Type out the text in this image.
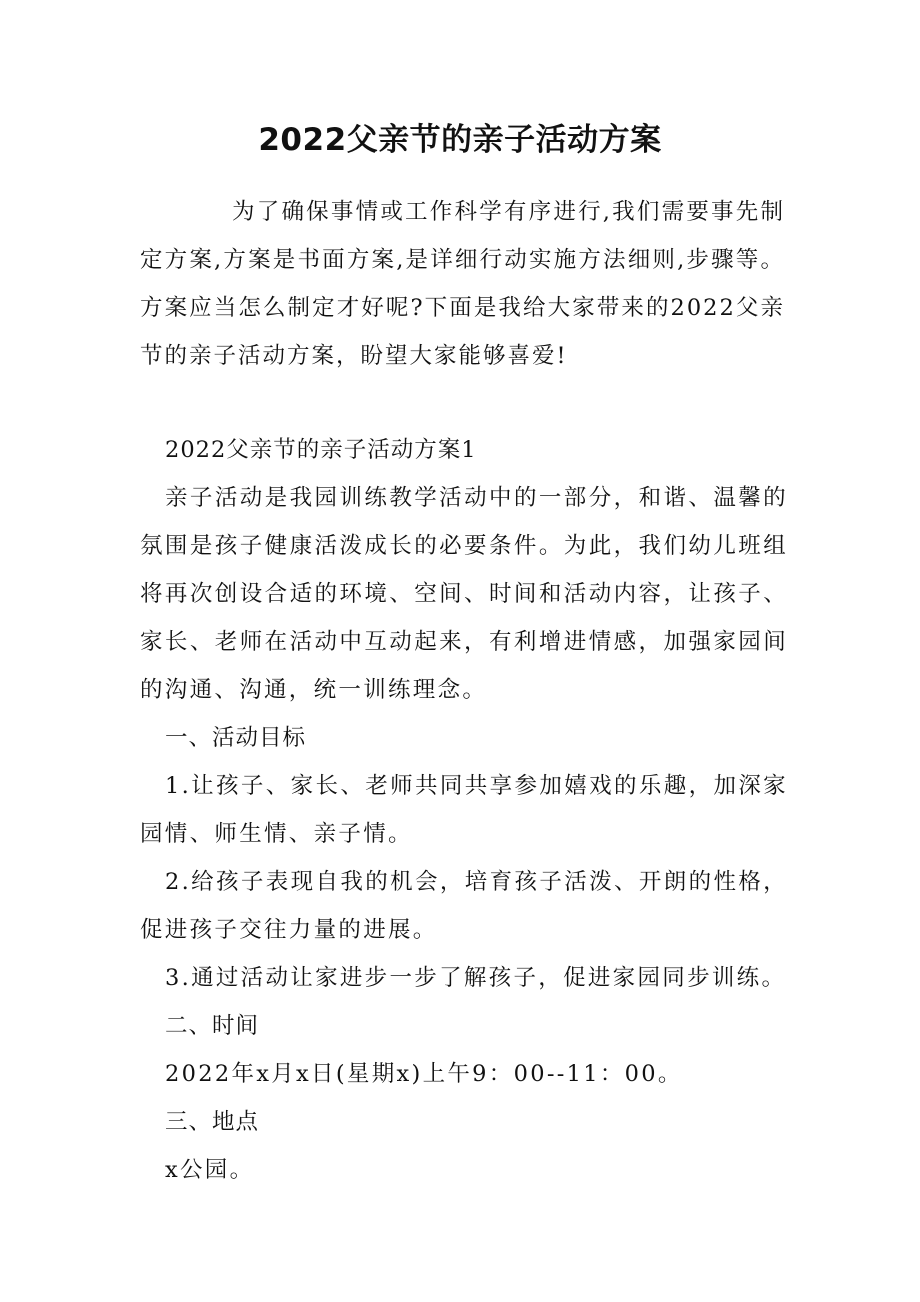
2022父亲节的亲子活动方案

为了确保事情或工作科学有序进行,我们需要事先制定方案,方案是书面方案,是详细行动实施方法细则,步骤等。方案应当怎么制定才好呢?下面是我给大家带来的2022父亲节的亲子活动方案，盼望大家能够喜爱!

2022父亲节的亲子活动方案1

亲子活动是我园训练教学活动中的一部分，和谐、温馨的氛围是孩子健康活泼成长的必要条件。为此，我们幼儿班组将再次创设合适的环境、空间、时间和活动内容，让孩子、家长、老师在活动中互动起来，有利增进情感，加强家园间的沟通、沟通，统一训练理念。

一、活动目标

1.让孩子、家长、老师共同共享参加嬉戏的乐趣，加深家园情、师生情、亲子情。

2.给孩子表现自我的机会，培育孩子活泼、开朗的性格，促进孩子交往力量的进展。

3.通过活动让家进步一步了解孩子，促进家园同步训练。

二、时间

2022年x月x日(星期x)上午9：00--11：00。

三、地点

x公园。
